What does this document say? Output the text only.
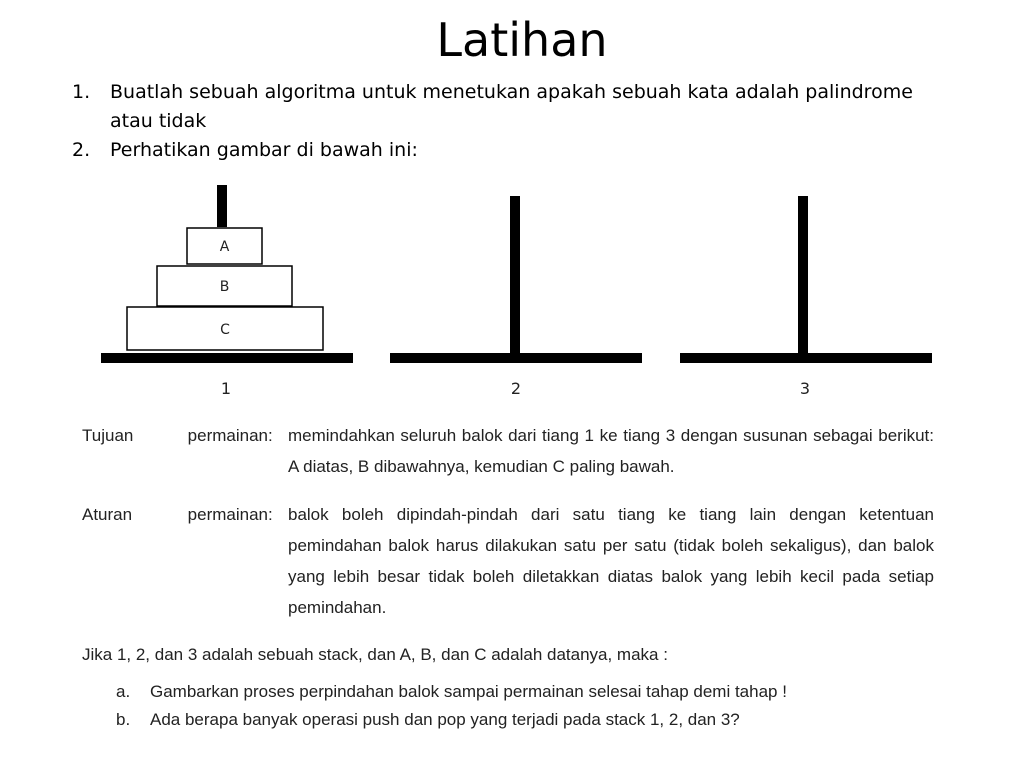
Latihan
1.	Buatlah sebuah algoritma untuk menetukan apakah sebuah kata adalah palindrome atau tidak
2.	Perhatikan gambar di bawah ini:
A
B
C
1	2	3
Tujuan permainan : memindahkan seluruh balok dari tiang 1 ke tiang 3 dengan susunan sebagai berikut: A diatas, B dibawahnya, kemudian C paling bawah.
Aturan permainan : balok boleh dipindah-pindah dari satu tiang ke tiang lain dengan ketentuan pemindahan balok harus dilakukan satu per satu (tidak boleh sekaligus), dan balok yang lebih besar tidak boleh diletakkan diatas balok yang lebih kecil pada setiap pemindahan.
Jika 1, 2, dan 3 adalah sebuah stack, dan A, B, dan C adalah datanya, maka :
a.	Gambarkan proses perpindahan balok sampai permainan selesai tahap demi tahap !
b.	Ada berapa banyak operasi push dan pop yang terjadi pada stack 1, 2, dan 3?
